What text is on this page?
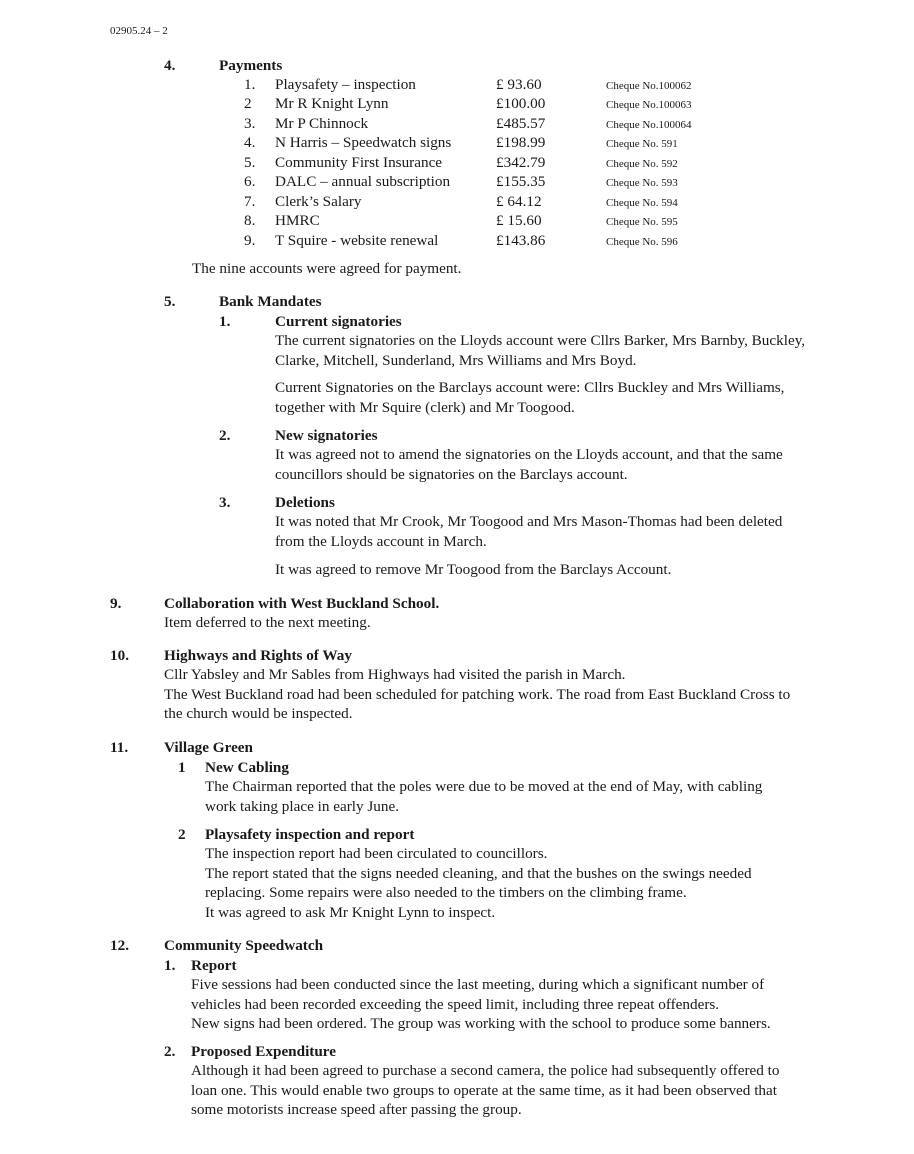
02905.24 – 2
4.	Payments
1. Playsafety – inspection	£ 93.60	Cheque No.100062
2 Mr R Knight Lynn	£100.00	Cheque No.100063
3. Mr P Chinnock	£485.57	Cheque No.100064
4. N Harris – Speedwatch signs	£198.99	Cheque No. 591
5. Community First Insurance	£342.79	Cheque No. 592
6. DALC – annual subscription	£155.35	Cheque No. 593
7. Clerk’s Salary	£ 64.12	Cheque No. 594
8. HMRC	£ 15.60	Cheque No. 595
9. T Squire - website renewal	£143.86	Cheque No. 596
The nine accounts were agreed for payment.
5.	Bank Mandates
1.	Current signatories
The current signatories on the Lloyds account were Cllrs Barker, Mrs Barnby, Buckley,
Clarke, Mitchell, Sunderland, Mrs Williams and Mrs Boyd.
Current Signatories on the Barclays account were: Cllrs Buckley and Mrs Williams,
together with Mr Squire (clerk) and Mr Toogood.
2.	New signatories
It was agreed not to amend the signatories on the Lloyds account, and that the same
councillors should be signatories on the Barclays account.
3.	Deletions
It was noted that Mr Crook, Mr Toogood and Mrs Mason-Thomas had been deleted
from the Lloyds account in March.
It was agreed to remove Mr Toogood from the Barclays Account.
9.	Collaboration with West Buckland School.
Item deferred to the next meeting.
10. Highways and Rights of Way
Cllr Yabsley and Mr Sables from Highways had visited the parish in March.
The West Buckland road had been scheduled for patching work. The road from East Buckland Cross to
the church would be inspected.
11. Village Green
1 New Cabling
The Chairman reported that the poles were due to be moved at the end of May, with cabling
work taking place in early June.
2 Playsafety inspection and report
The inspection report had been circulated to councillors.
The report stated that the signs needed cleaning, and that the bushes on the swings needed
replacing. Some repairs were also needed to the timbers on the climbing frame.
It was agreed to ask Mr Knight Lynn to inspect.
12. Community Speedwatch
1. Report
Five sessions had been conducted since the last meeting, during which a significant number of
vehicles had been recorded exceeding the speed limit, including three repeat offenders.
New signs had been ordered. The group was working with the school to produce some banners.
2. Proposed Expenditure
Although it had been agreed to purchase a second camera, the police had subsequently offered to
loan one. This would enable two groups to operate at the same time, as it had been observed that
some motorists increase speed after passing the group.
